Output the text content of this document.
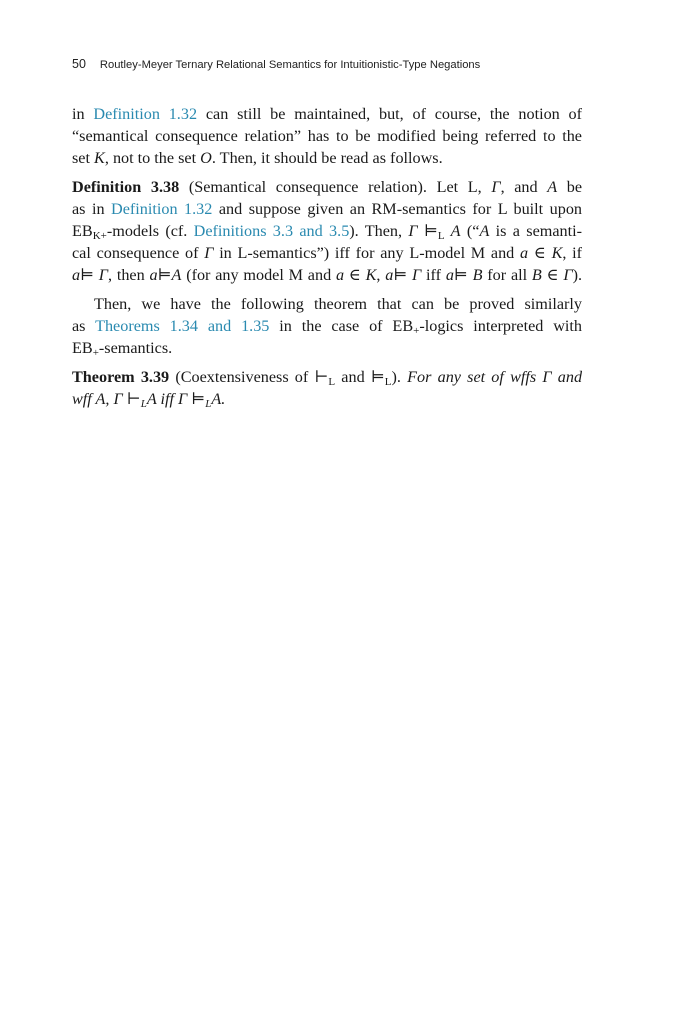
50 Routley-Meyer Ternary Relational Semantics for Intuitionistic-Type Negations
in Definition 1.32 can still be maintained, but, of course, the notion of
“semantical consequence relation” has to be modified being referred to the
set K, not to the set O. Then, it should be read as follows.
Definition 3.38 (Semantical consequence relation). Let L, Γ, and A be
as in Definition 1.32 and suppose given an RM-semantics for L built upon
$EB_{K+}$-models (cf. Definitions 3.3 and 3.5). Then, Γ $⊨_L$ A (“A is a semanti-
cal consequence of Γ in L-semantics”) iff for any L-model M and a ∈ K, if
a⊨ Γ, then a⊨A (for any model M and a ∈ K, a⊨ Γ iff a⊨ B for all B ∈ Γ).
Then, we have the following theorem that can be proved similarly
as Theorems 1.34 and 1.35 in the case of $EB_+$-logics interpreted with
$EB_+$-semantics.
Theorem 3.39 (Coextensiveness of $⊢_L$ and $⊨_L$). For any set of wffs Γ and
wff A, Γ $⊢_LA$ iff Γ $⊨_LA$.
